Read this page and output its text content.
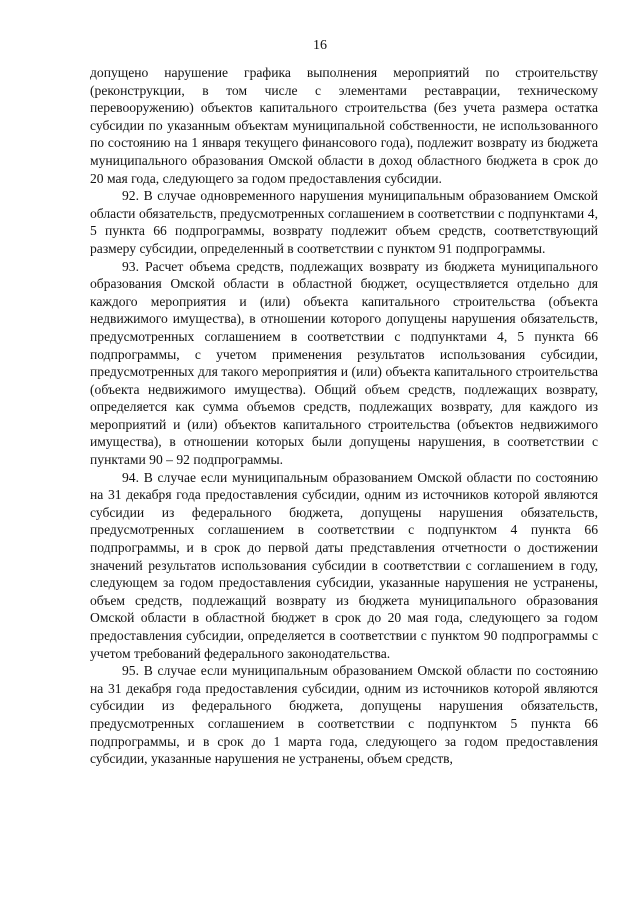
16

допущено нарушение графика выполнения мероприятий по строительству (реконструкции, в том числе с элементами реставрации, техническому перевооружению) объектов капитального строительства (без учета размера остатка субсидии по указанным объектам муниципальной собственности, не использованного по состоянию на 1 января текущего финансового года), подлежит возврату из бюджета муниципального образования Омской области в доход областного бюджета в срок до 20 мая года, следующего за годом предоставления субсидии.

92. В случае одновременного нарушения муниципальным образованием Омской области обязательств, предусмотренных соглашением в соответствии с подпунктами 4, 5 пункта 66 подпрограммы, возврату подлежит объем средств, соответствующий размеру субсидии, определенный в соответствии с пунктом 91 подпрограммы.

93. Расчет объема средств, подлежащих возврату из бюджета муниципального образования Омской области в областной бюджет, осуществляется отдельно для каждого мероприятия и (или) объекта капитального строительства (объекта недвижимого имущества), в отношении которого допущены нарушения обязательств, предусмотренных соглашением в соответствии с подпунктами 4, 5 пункта 66 подпрограммы, с учетом применения результатов использования субсидии, предусмотренных для такого мероприятия и (или) объекта капитального строительства (объекта недвижимого имущества). Общий объем средств, подлежащих возврату, определяется как сумма объемов средств, подлежащих возврату, для каждого из мероприятий и (или) объектов капитального строительства (объектов недвижимого имущества), в отношении которых были допущены нарушения, в соответствии с пунктами 90 – 92 подпрограммы.

94. В случае если муниципальным образованием Омской области по состоянию на 31 декабря года предоставления субсидии, одним из источников которой являются субсидии из федерального бюджета, допущены нарушения обязательств, предусмотренных соглашением в соответствии с подпунктом 4 пункта 66 подпрограммы, и в срок до первой даты представления отчетности о достижении значений результатов использования субсидии в соответствии с соглашением в году, следующем за годом предоставления субсидии, указанные нарушения не устранены, объем средств, подлежащий возврату из бюджета муниципального образования Омской области в областной бюджет в срок до 20 мая года, следующего за годом предоставления субсидии, определяется в соответствии с пунктом 90 подпрограммы с учетом требований федерального законодательства.

95. В случае если муниципальным образованием Омской области по состоянию на 31 декабря года предоставления субсидии, одним из источников которой являются субсидии из федерального бюджета, допущены нарушения обязательств, предусмотренных соглашением в соответствии с подпунктом 5 пункта 66 подпрограммы, и в срок до 1 марта года, следующего за годом предоставления субсидии, указанные нарушения не устранены, объем средств,
